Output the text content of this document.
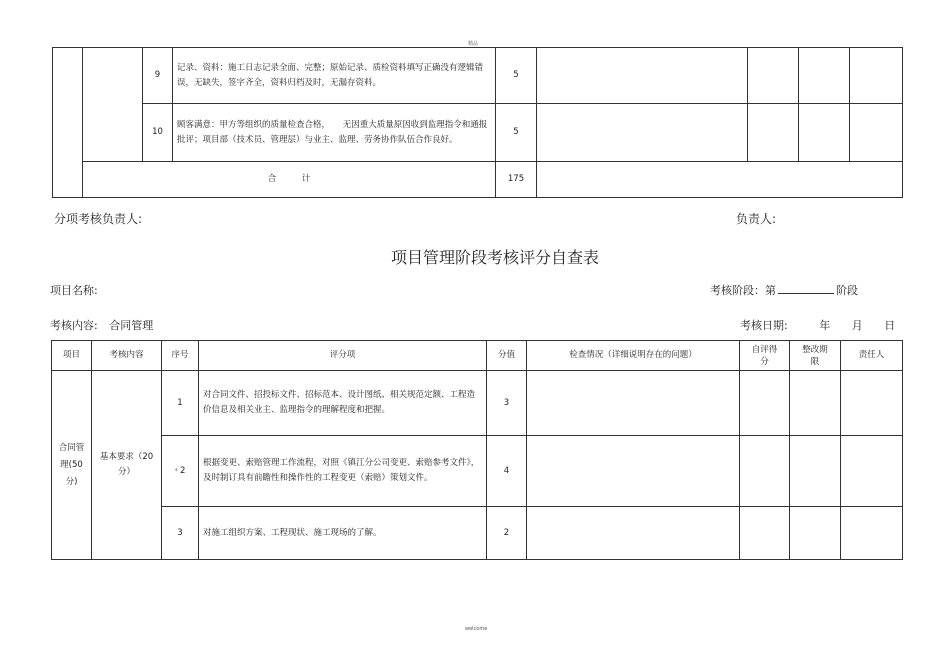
精品
welcome
		9	记录、资料：施工日志记录全面、完整；原始记录、质检资料填写正确没有逻辑错误，无缺失，签字齐全，资料归档及时，无漏存资料。	5				
		10	顾客满意：甲方等组织的质量检查合格，　　无因重大质量原因收到监理指令和通报批评；项目部（技术员、管理层）与业主、监理、劳务协作队伍合作良好。	5				
	合　　　计			175				
分项考核负责人:	负责人:
项目管理阶段考核评分自查表
项目名称:	考核阶段：第	阶段
考核内容: 合同管理	考核日期:	年 月 日
项目	考核内容	序号	评分项	分值	检查情况（详细说明存在的问题）	自评得分	整改期限	责任人
合同管理(50分)	基本要求（20分）	1	对合同文件、招投标文件、招标范本、设计图纸、相关规范定额、工程造价信息及相关业主、监理指令的理解程度和把握。	3				
		* 2	根据变更、索赔管理工作流程，对照《镇江分公司变更、索赔参考文件》，及时制订具有前瞻性和操作性的工程变更（索赔）策划文件。	4				
		3	对施工组织方案、工程现状、施工现场的了解。	2				
